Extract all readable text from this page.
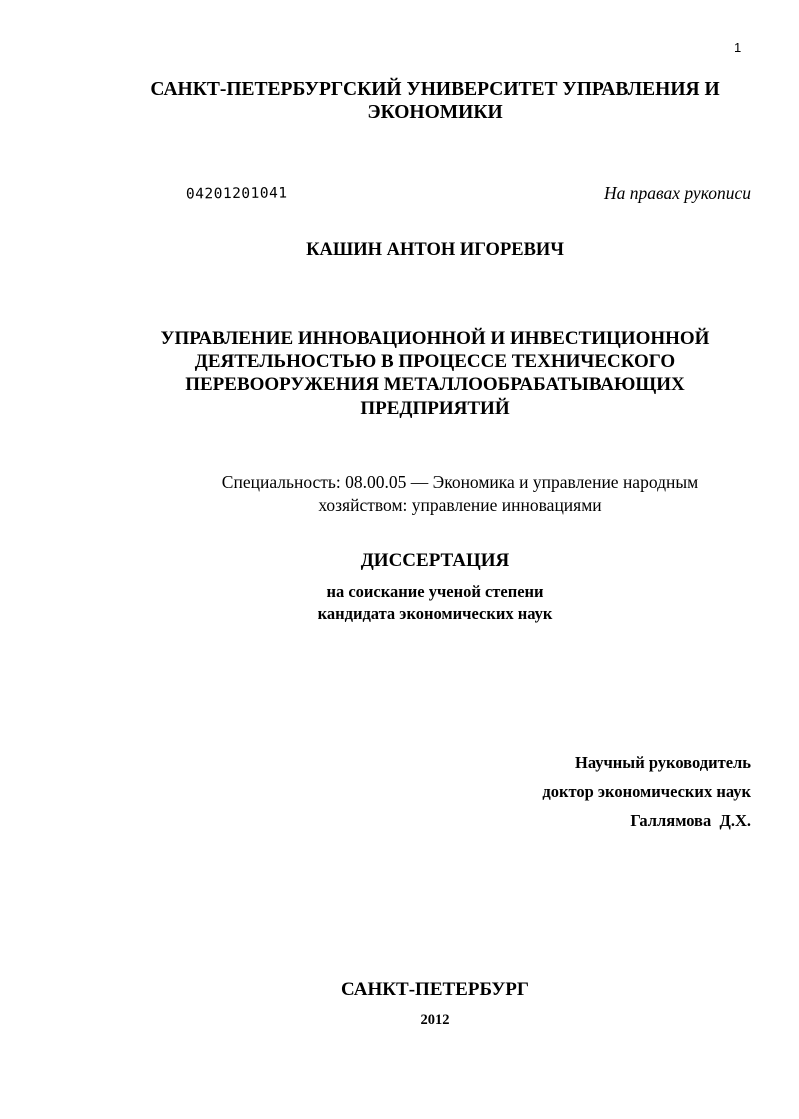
1
САНКТ-ПЕТЕРБУРГСКИЙ УНИВЕРСИТЕТ УПРАВЛЕНИЯ И
ЭКОНОМИКИ
04201201041	На правах рукописи
КАШИН АНТОН ИГОРЕВИЧ
УПРАВЛЕНИЕ ИННОВАЦИОННОЙ И ИНВЕСТИЦИОННОЙ
ДЕЯТЕЛЬНОСТЬЮ В ПРОЦЕССЕ ТЕХНИЧЕСКОГО
ПЕРЕВООРУЖЕНИЯ МЕТАЛЛООБРАБАТЫВАЮЩИХ
ПРЕДПРИЯТИЙ
Специальность: 08.00.05 — Экономика и управление народным
хозяйством: управление инновациями
ДИССЕРТАЦИЯ
на соискание ученой степени
кандидата экономических наук
Научный руководитель
доктор экономических наук
Галлямова  Д.Х.
САНКТ-ПЕТЕРБУРГ
2012
